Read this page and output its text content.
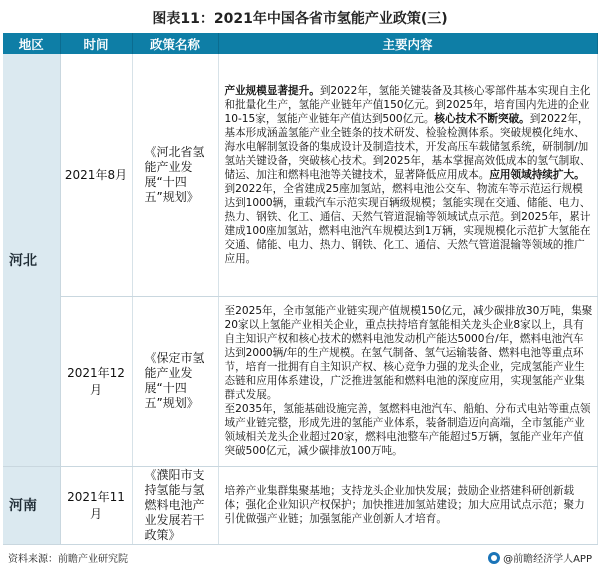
图表11：2021年中国各省市氢能产业政策(三)
地区	时间	政策名称	主要内容
河北	2021年8月	《河北省氢能产业发展“十四五”规划》	产业规模显著提升。到2022年，氢能关键装备及其核心零部件基本实现自主化和批量化生产，氢能产业链年产值150亿元。到2025年，培育国内先进的企业10-15家，氢能产业链年产值达到500亿元。核心技术不断突破。到2022年，基本形成涵盖氢能产业全链条的技术研发、检验检测体系。突破规模化纯水、海水电解制氢设备的集成设计及制造技术，开发高压车载储氢系统，研制制/加氢站关键设备，突破核心技术。到2025年，基本掌握高效低成本的氢气制取、储运、加注和燃料电池等关键技术，显著降低应用成本。应用领域持续扩大。到2022年，全省建成25座加氢站，燃料电池公交车、物流车等示范运行规模达到1000辆，重载汽车示范实现百辆级规模；氢能实现在交通、储能、电力、热力、钢铁、化工、通信、天然气管道混输等领域试点示范。到2025年，累计建成100座加氢站，燃料电池汽车规模达到1万辆，实现规模化示范扩大氢能在交通、储能、电力、热力、钢铁、化工、通信、天然气管道混输等领域的推广应用。
	2021年12月	《保定市氢能产业发展“十四五”规划》	至2025年，全市氢能产业链实现产值规模150亿元，减少碳排放30万吨，集聚20家以上氢能产业相关企业，重点扶持培育氢能相关龙头企业8家以上，具有自主知识产权和核心技术的燃料电池发动机产能达5000台/年，燃料电池汽车达到2000辆/年的生产规模。在氢气制备、氢气运输装备、燃料电池等重点环节，培育一批拥有自主知识产权、核心竞争力强的龙头企业，完成氢能产业生态链和应用体系建设，广泛推进氢能和燃料电池的深度应用，实现氢能产业集群式发展。
至2035年，氢能基础设施完善，氢燃料电池汽车、船舶、分布式电站等重点领域产业链完整，形成先进的氢能产业体系，装备制造迈向高端，全市氢能产业领域相关龙头企业超过20家，燃料电池整车产能超过5万辆，氢能产业年产值突破500亿元，减少碳排放100万吨。
河南	2021年11月	《濮阳市支持氢能与氢燃料电池产业发展若干政策》	培养产业集群集聚基地；支持龙头企业加快发展；鼓励企业搭建科研创新载体；强化企业知识产权保护；加快推进加氢站建设；加大应用试点示范；聚力引优做强产业链；加强氢能产业创新人才培育。
资料来源：前瞻产业研究院	@前瞻经济学人APP
